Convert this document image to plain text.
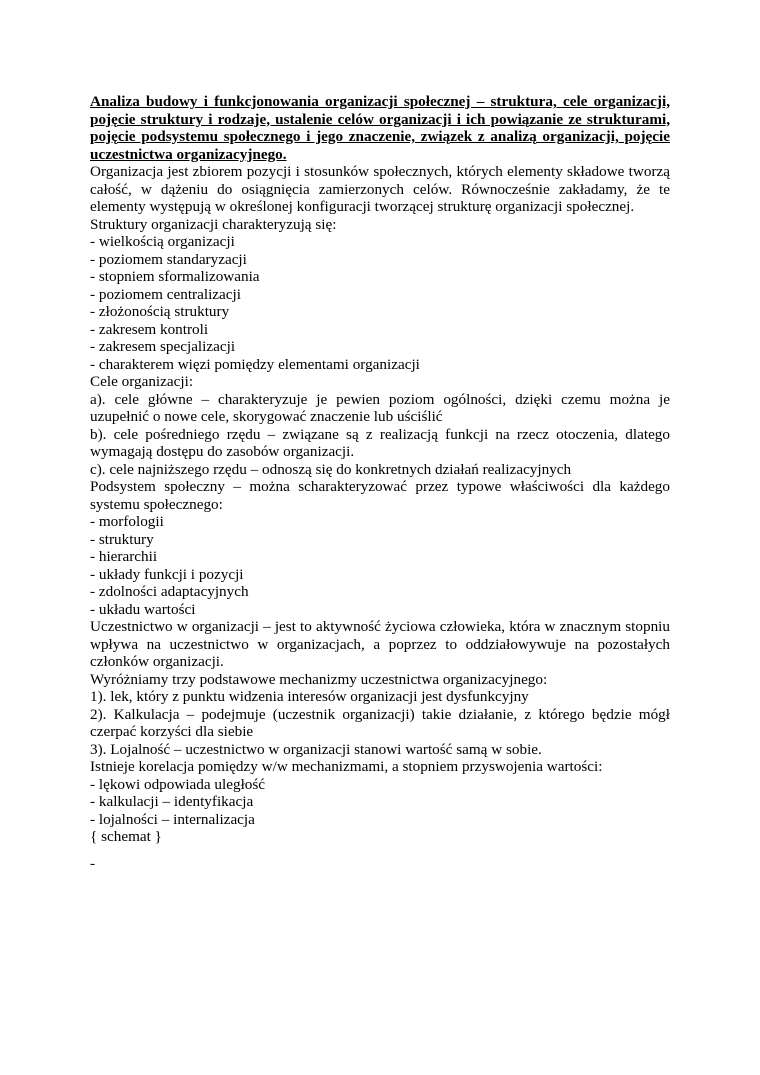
Analiza budowy i funkcjonowania organizacji społecznej – struktura, cele organizacji, pojęcie struktury i rodzaje, ustalenie celów organizacji i ich powiązanie ze strukturami, pojęcie podsystemu społecznego i jego znaczenie, związek z analizą organizacji, pojęcie uczestnictwa organizacyjnego.

Organizacja jest zbiorem pozycji i stosunków społecznych, których elementy składowe tworzą całość, w dążeniu do osiągnięcia zamierzonych celów. Równocześnie zakładamy, że te elementy występują w określonej konfiguracji tworzącej strukturę organizacji społecznej.

Struktury organizacji charakteryzują się:

- wielkością organizacji

- poziomem standaryzacji

- stopniem sformalizowania

- poziomem centralizacji

- złożonością struktury

- zakresem kontroli

- zakresem specjalizacji

- charakterem więzi pomiędzy elementami organizacji

Cele organizacji:

a). cele główne – charakteryzuje je pewien poziom ogólności, dzięki czemu można je uzupełnić o nowe cele, skorygować znaczenie lub uściślić

b). cele pośredniego rzędu – związane są z realizacją funkcji na rzecz otoczenia, dlatego wymagają dostępu do zasobów organizacji.

c). cele najniższego rzędu – odnoszą się do konkretnych działań realizacyjnych

Podsystem społeczny – można scharakteryzować przez typowe właściwości dla każdego systemu społecznego:

- morfologii

- struktury

- hierarchii

- układy funkcji i pozycji

- zdolności adaptacyjnych

- układu wartości

Uczestnictwo w organizacji – jest to aktywność życiowa człowieka, która w znacznym stopniu wpływa na uczestnictwo w organizacjach, a poprzez to oddziałowywuje na pozostałych członków organizacji.

Wyróżniamy trzy podstawowe mechanizmy uczestnictwa organizacyjnego:

1). lek, który z punktu widzenia interesów organizacji jest dysfunkcyjny

2). Kalkulacja – podejmuje (uczestnik organizacji) takie działanie, z którego będzie mógł czerpać korzyści dla siebie

3). Lojalność – uczestnictwo w organizacji stanowi wartość samą w sobie.

Istnieje korelacja pomiędzy w/w mechanizmami, a stopniem przyswojenia wartości:

- lękowi odpowiada uległość

- kalkulacji – identyfikacja

- lojalności – internalizacja

{ schemat }

-
